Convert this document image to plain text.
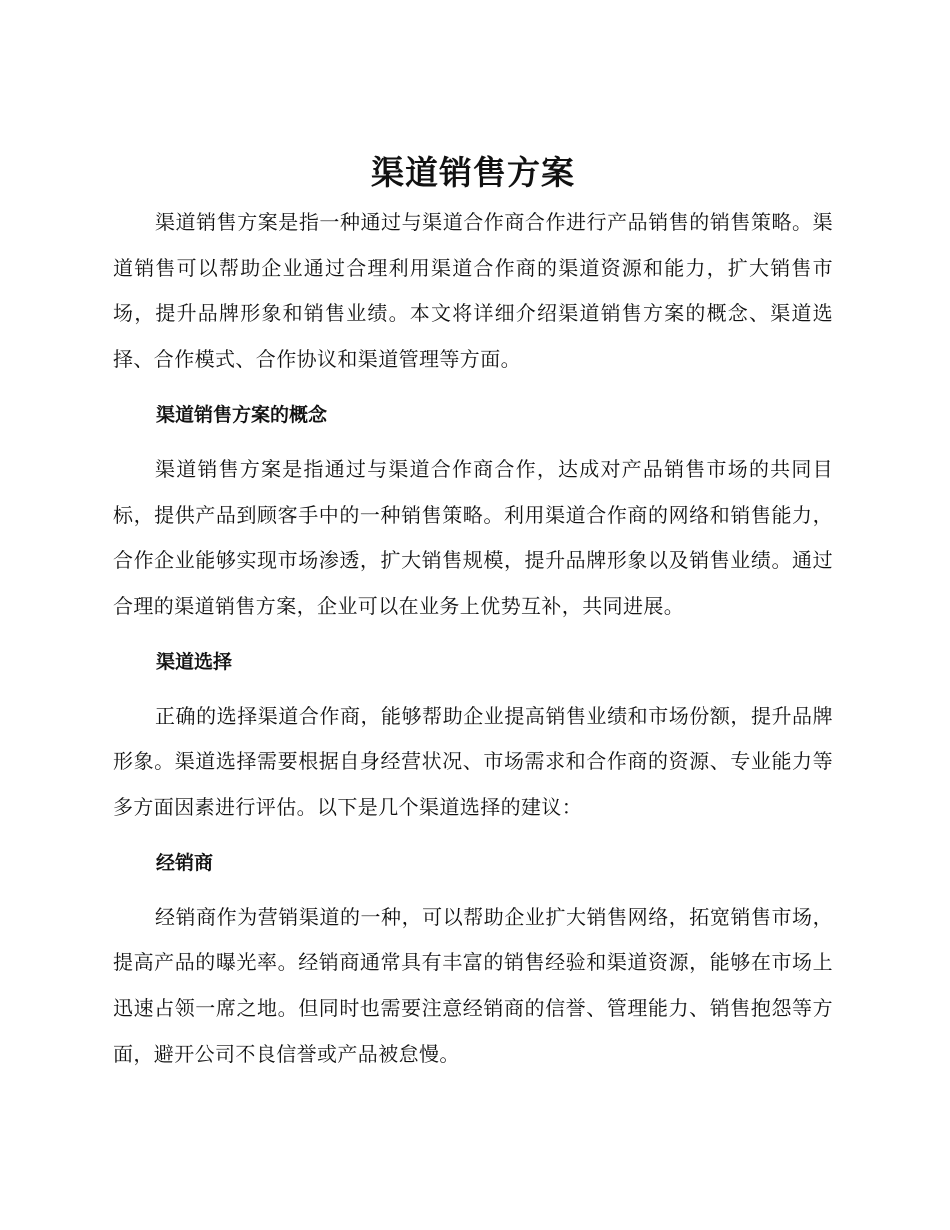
渠道销售方案

渠道销售方案是指一种通过与渠道合作商合作进行产品销售的销售策略。渠道销售可以帮助企业通过合理利用渠道合作商的渠道资源和能力，扩大销售市场，提升品牌形象和销售业绩。本文将详细介绍渠道销售方案的概念、渠道选择、合作模式、合作协议和渠道管理等方面。

渠道销售方案的概念

渠道销售方案是指通过与渠道合作商合作，达成对产品销售市场的共同目标，提供产品到顾客手中的一种销售策略。利用渠道合作商的网络和销售能力，合作企业能够实现市场渗透，扩大销售规模，提升品牌形象以及销售业绩。通过合理的渠道销售方案，企业可以在业务上优势互补，共同进展。

渠道选择

正确的选择渠道合作商，能够帮助企业提高销售业绩和市场份额，提升品牌形象。渠道选择需要根据自身经营状况、市场需求和合作商的资源、专业能力等多方面因素进行评估。以下是几个渠道选择的建议：

经销商

经销商作为营销渠道的一种，可以帮助企业扩大销售网络，拓宽销售市场，提高产品的曝光率。经销商通常具有丰富的销售经验和渠道资源，能够在市场上迅速占领一席之地。但同时也需要注意经销商的信誉、管理能力、销售抱怨等方面，避开公司不良信誉或产品被怠慢。
